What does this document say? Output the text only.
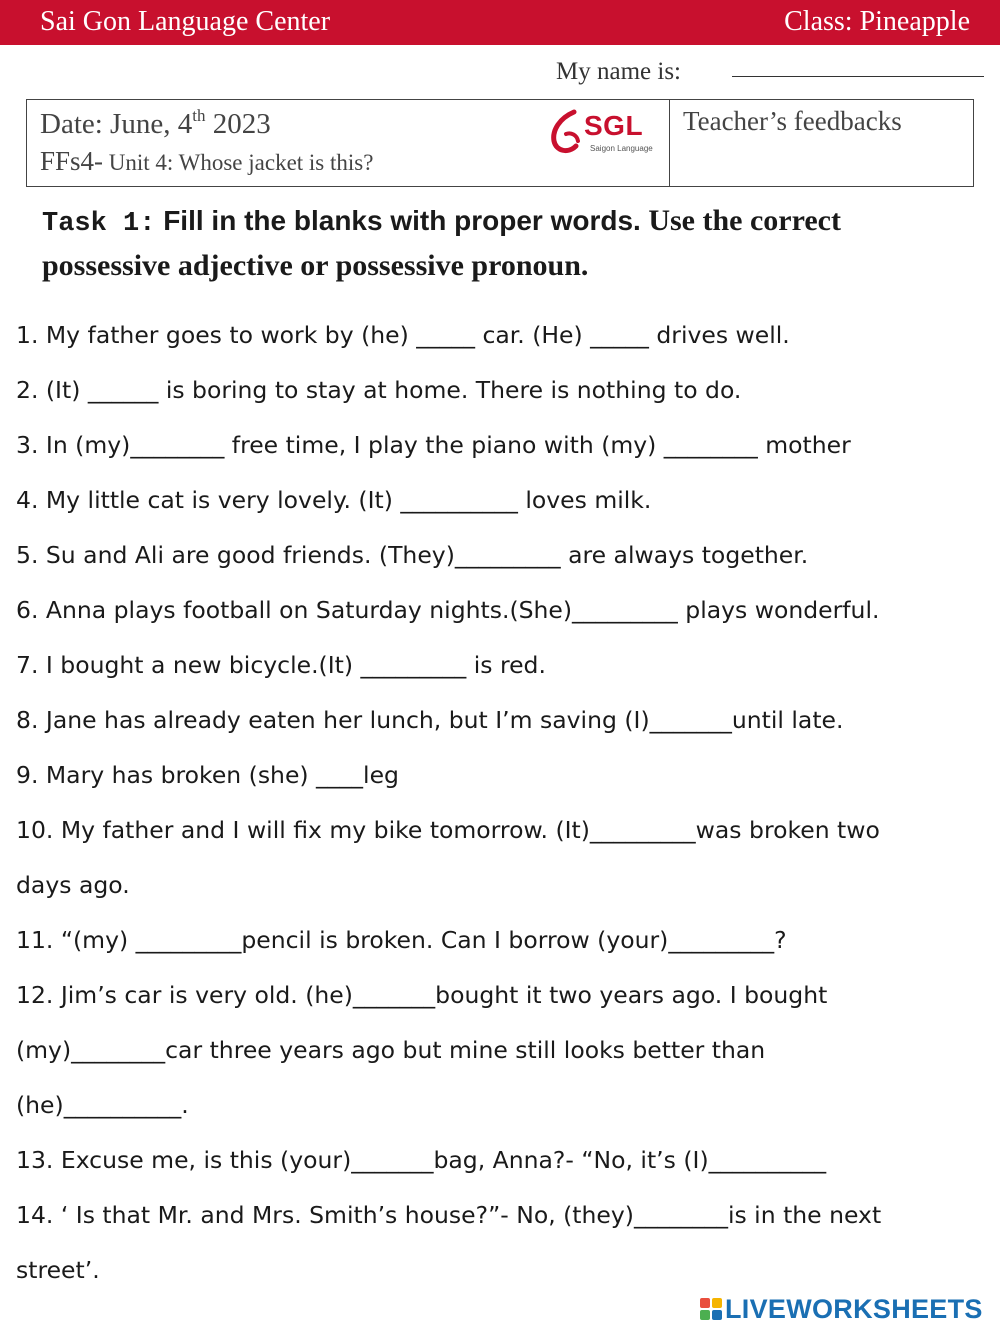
Sai Gon Language Center	Class: Pineapple
My name is:
Date: June, 4th 2023
FFs4- Unit 4: Whose jacket is this?
SGL
Saigon Language
Teacher’s feedbacks
Task 1: Fill in the blanks with proper words. Use the correct possessive adjective or possessive pronoun.
1. My father goes to work by (he) _____ car. (He) _____ drives well.
2. (It) ______ is boring to stay at home. There is nothing to do.
3. In (my)________ free time, I play the piano with (my) ________ mother
4. My little cat is very lovely. (It) __________ loves milk.
5. Su and Ali are good friends. (They)_________ are always together.
6. Anna plays football on Saturday nights.(She)_________ plays wonderful.
7. I bought a new bicycle.(It) _________ is red.
8. Jane has already eaten her lunch, but I’m saving (I)_______until late.
9. Mary has broken (she) ____leg
10. My father and I will fix my bike tomorrow. (It)_________was broken two
days ago.
11. “(my) _________pencil is broken. Can I borrow (your)_________?
12. Jim’s car is very old. (he)_______bought it two years ago. I bought
(my)________car three years ago but mine still looks better than
(he)__________.
13. Excuse me, is this (your)_______bag, Anna?- “No, it’s (I)__________
14. ‘ Is that Mr. and Mrs. Smith’s house?”- No, (they)________is in the next
street’.
LIVEWORKSHEETS
